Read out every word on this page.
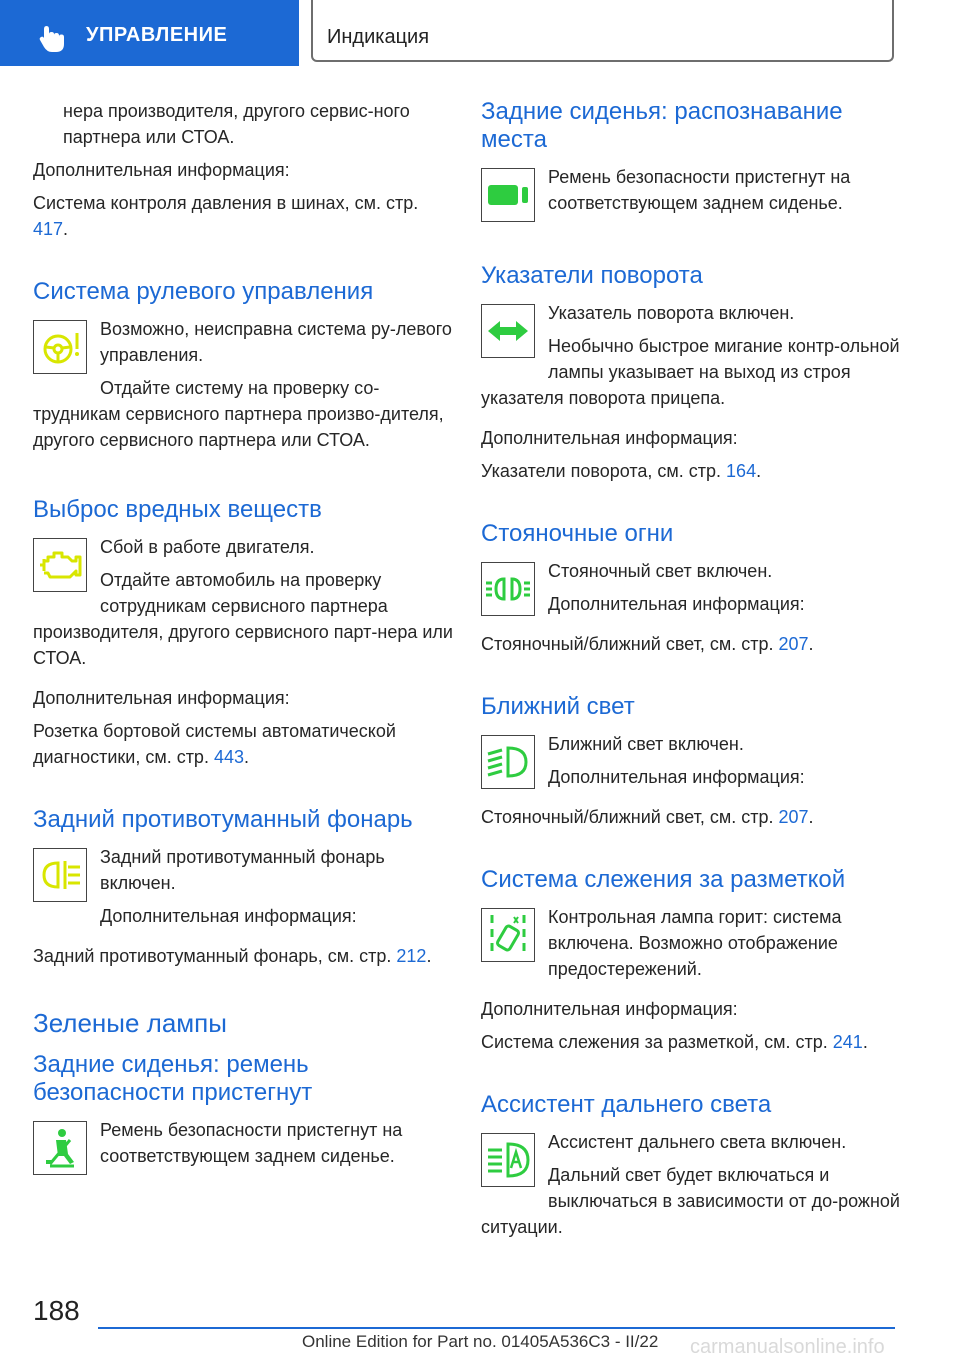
УПРАВЛЕНИЕ	Индикация

нера производителя, другого сервис-ного партнера или СТОА.

Дополнительная информация:

Система контроля давления в шинах, см. стр. 417.

Система рулевого управления

Возможно, неисправна система ру-левого управления.

Отдайте систему на проверку со-трудникам сервисного партнера произво-дителя, другого сервисного партнера или СТОА.

Выброс вредных веществ

Сбой в работе двигателя.

Отдайте автомобиль на проверку сотрудникам сервисного партнера производителя, другого сервисного парт-нера или СТОА.

Дополнительная информация:

Розетка бортовой системы автоматической диагностики, см. стр. 443.

Задний противотуманный фонарь

Задний противотуманный фонарь включен.

Дополнительная информация:

Задний противотуманный фонарь, см. стр. 212.

Зеленые лампы
Задние сиденья: ремень безопасности пристегнут

Ремень безопасности пристегнут на соответствующем заднем сиденье.

Задние сиденья: распознавание места

Ремень безопасности пристегнут на соответствующем заднем сиденье.

Указатели поворота

Указатель поворота включен.

Необычно быстрое мигание контр-ольной лампы указывает на выход из строя указателя поворота прицепа.

Дополнительная информация:

Указатели поворота, см. стр. 164.

Стояночные огни

Стояночный свет включен.

Дополнительная информация:

Стояночный/ближний свет, см. стр. 207.

Ближний свет

Ближний свет включен.

Дополнительная информация:

Стояночный/ближний свет, см. стр. 207.

Система слежения за разметкой

Контрольная лампа горит: система включена. Возможно отображение предостережений.

Дополнительная информация:

Система слежения за разметкой, см. стр. 241.

Ассистент дальнего света

Ассистент дальнего света включен.

Дальний свет будет включаться и выключаться в зависимости от до-рожной ситуации.

188
Online Edition for Part no. 01405A536C3 - II/22 carmanualsonline.info
